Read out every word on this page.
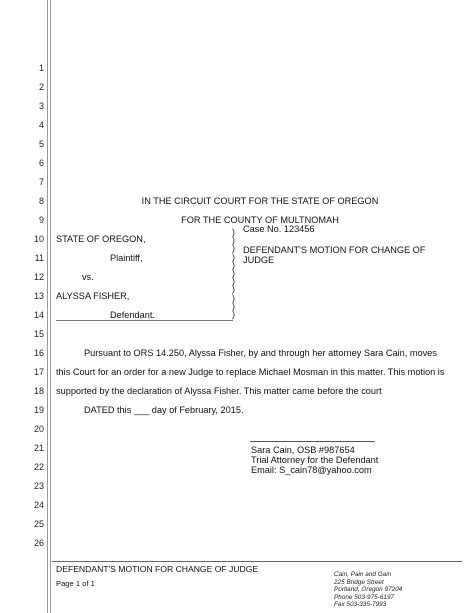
1
2
3
4
5
6
7
8
9
10
11
12
13
14
15
16
17
18
19
20
21
22
23
24
25
26
IN THE CIRCUIT COURT FOR THE STATE OF OREGON
FOR THE COUNTY OF MULTNOMAH
STATE OF OREGON,
Plaintiff,
vs.
ALYSSA FISHER,
Defendant.
)
)
)
)
)
)
)
)
)
)
)
Case No. 123456
DEFENDANT'S MOTION FOR CHANGE OF
JUDGE
Pursuant to ORS 14.250, Alyssa Fisher, by and through her attorney Sara Cain, moves
this Court for an order for a new Judge to replace Michael Mosman in this matter. This motion is
supported by the declaration of Alyssa Fisher. This matter came before the court
DATED this ___ day of February, 2015.
Sara Cain, OSB #987654
Trial Attorney for the Defendant
Email: S_cain78@yahoo.com
DEFENDANT'S MOTION FOR CHANGE OF JUDGE
Page 1 of 1
Cain, Pain and Gain
225 Bridge Street
Portland, Oregon 97204
Phone 503-975-6197
Fax 503-335-7993
